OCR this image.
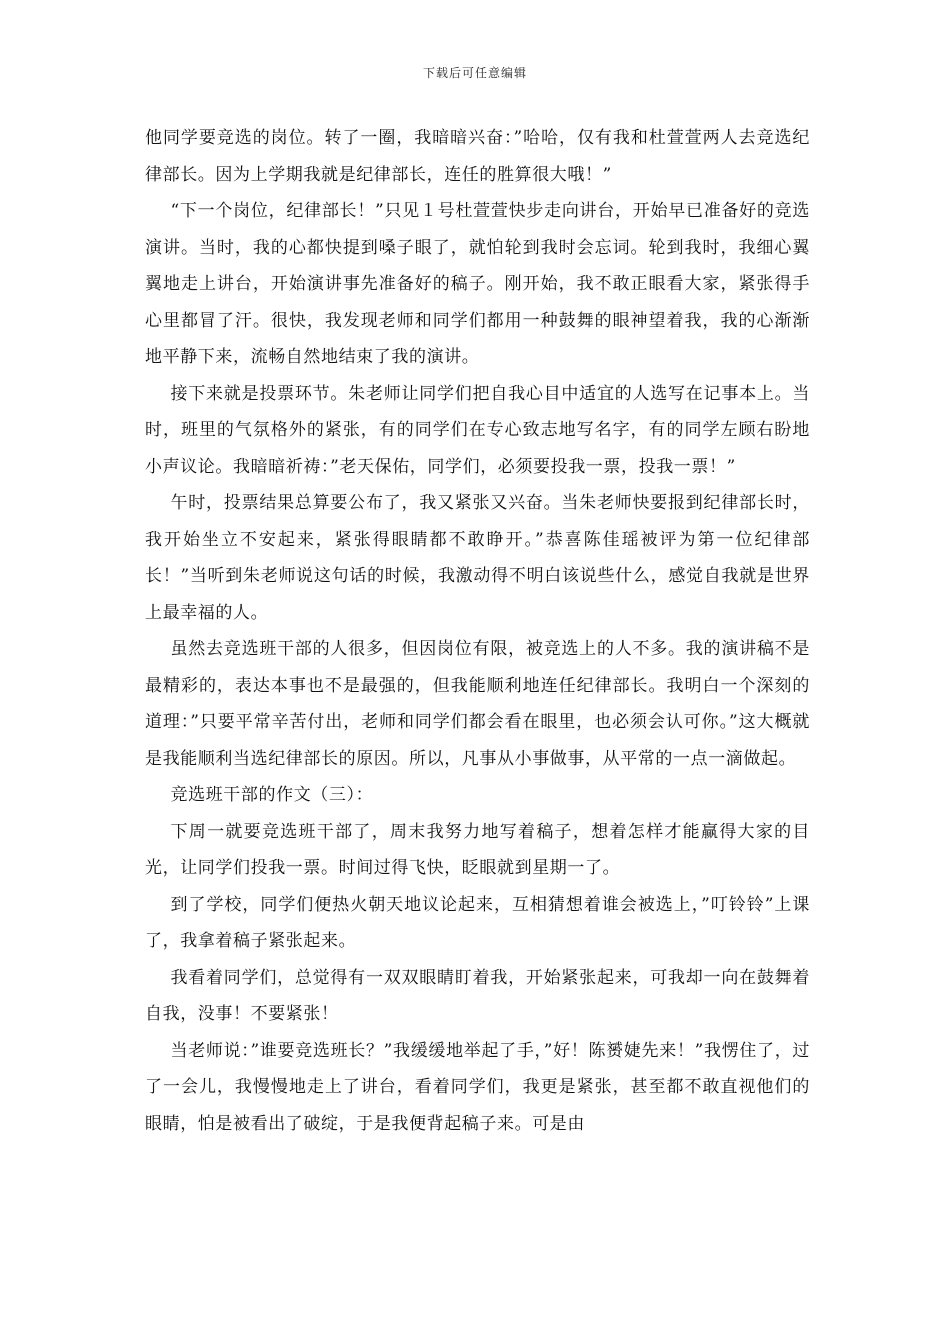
下载后可任意编辑

他同学要竞选的岗位。转了一圈，我暗暗兴奋：”哈哈，仅有我和杜萱萱两人去竞选纪律部长。因为上学期我就是纪律部长，连任的胜算很大哦！”

“下一个岗位，纪律部长！”只见１号杜萱萱快步走向讲台，开始早已准备好的竞选演讲。当时，我的心都快提到嗓子眼了，就怕轮到我时会忘词。轮到我时，我细心翼翼地走上讲台，开始演讲事先准备好的稿子。刚开始，我不敢正眼看大家，紧张得手心里都冒了汗。很快，我发现老师和同学们都用一种鼓舞的眼神望着我，我的心渐渐地平静下来，流畅自然地结束了我的演讲。

接下来就是投票环节。朱老师让同学们把自我心目中适宜的人选写在记事本上。当时，班里的气氛格外的紧张，有的同学们在专心致志地写名字，有的同学左顾右盼地小声议论。我暗暗祈祷：”老天保佑，同学们，必须要投我一票，投我一票！”

午时，投票结果总算要公布了，我又紧张又兴奋。当朱老师快要报到纪律部长时，我开始坐立不安起来，紧张得眼睛都不敢睁开。”恭喜陈佳瑶被评为第一位纪律部长！”当听到朱老师说这句话的时候，我激动得不明白该说些什么，感觉自我就是世界上最幸福的人。

虽然去竞选班干部的人很多，但因岗位有限，被竞选上的人不多。我的演讲稿不是最精彩的，表达本事也不是最强的，但我能顺利地连任纪律部长。我明白一个深刻的道理：”只要平常辛苦付出，老师和同学们都会看在眼里，也必须会认可你。”这大概就是我能顺利当选纪律部长的原因。所以，凡事从小事做事，从平常的一点一滴做起。

竞选班干部的作文（三）：

下周一就要竞选班干部了，周末我努力地写着稿子，想着怎样才能赢得大家的目光，让同学们投我一票。时间过得飞快，眨眼就到星期一了。

到了学校，同学们便热火朝天地议论起来，互相猜想着谁会被选上，”叮铃铃”上课了，我拿着稿子紧张起来。

我看着同学们，总觉得有一双双眼睛盯着我，开始紧张起来，可我却一向在鼓舞着自我，没事！不要紧张！

当老师说：”谁要竞选班长？”我缓缓地举起了手，”好！陈赟婕先来！”我愣住了，过了一会儿，我慢慢地走上了讲台，看着同学们，我更是紧张，甚至都不敢直视他们的眼睛，怕是被看出了破绽，于是我便背起稿子来。可是由
